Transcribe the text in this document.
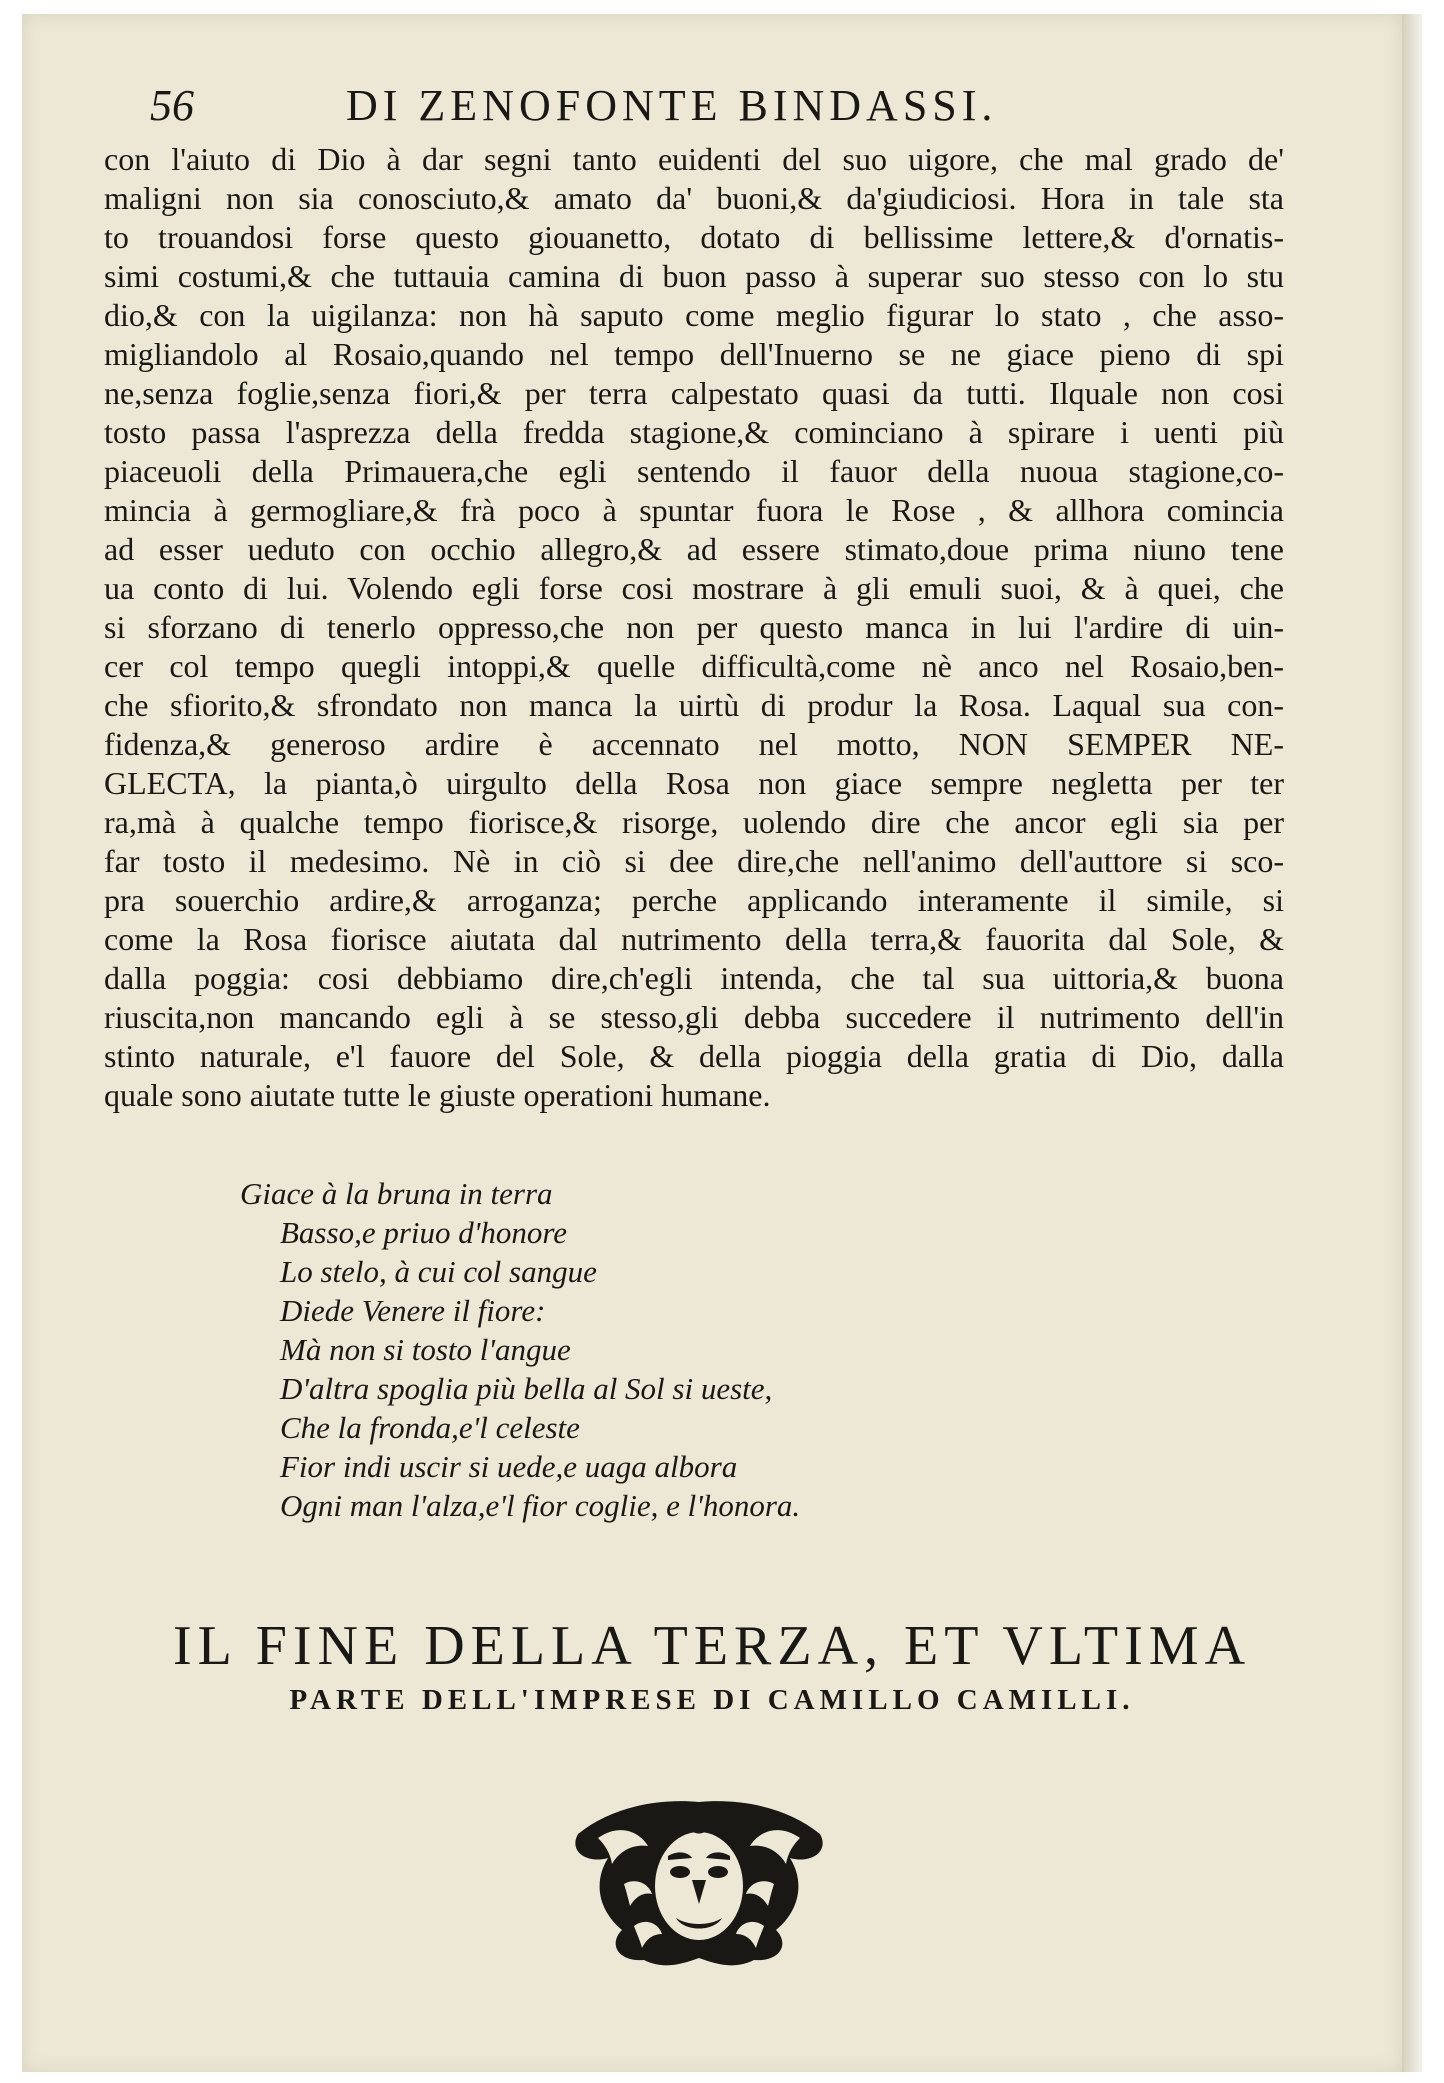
56	DI ZENOFONTE BINDASSI.
con l'aiuto di Dio à dar segni tanto euidenti del suo uigore, che mal grado de'
maligni non sia conosciuto,& amato da' buoni,& da'giudiciosi. Hora in tale sta
to trouandosi forse questo giouanetto, dotato di bellissime lettere,& d'ornatis-
simi costumi,& che tuttauia camina di buon passo à superar suo stesso con lo stu
dio,& con la uigilanza: non hà saputo come meglio figurar lo stato , che asso-
migliandolo al Rosaio,quando nel tempo dell'Inuerno se ne giace pieno di spi
ne,senza foglie,senza fiori,& per terra calpestato quasi da tutti. Ilquale non cosi
tosto passa l'asprezza della fredda stagione,& cominciano à spirare i uenti più
piaceuoli della Primauera,che egli sentendo il fauor della nuoua stagione,co-
mincia à germogliare,& frà poco à spuntar fuora le Rose , & allhora comincia
ad esser ueduto con occhio allegro,& ad essere stimato,doue prima niuno tene
ua conto di lui. Volendo egli forse cosi mostrare à gli emuli suoi, & à quei, che
si sforzano di tenerlo oppresso,che non per questo manca in lui l'ardire di uin-
cer col tempo quegli intoppi,& quelle difficultà,come nè anco nel Rosaio,ben-
che sfiorito,& sfrondato non manca la uirtù di produr la Rosa. Laqual sua con-
fidenza,& generoso ardire è accennato nel motto, NON SEMPER NE-
GLECTA, la pianta,ò uirgulto della Rosa non giace sempre negletta per ter
ra,mà à qualche tempo fiorisce,& risorge, uolendo dire che ancor egli sia per
far tosto il medesimo. Nè in ciò si dee dire,che nell'animo dell'auttore si sco-
pra souerchio ardire,& arroganza; perche applicando interamente il simile, si
come la Rosa fiorisce aiutata dal nutrimento della terra,& fauorita dal Sole, &
dalla poggia: cosi debbiamo dire,ch'egli intenda, che tal sua uittoria,& buona
riuscita,non mancando egli à se stesso,gli debba succedere il nutrimento dell'in
stinto naturale, e'l fauore del Sole, & della pioggia della gratia di Dio, dalla
quale sono aiutate tutte le giuste operationi humane.
Giace à la bruna in terra
Basso,e priuo d'honore
Lo stelo, à cui col sangue
Diede Venere il fiore:
Mà non si tosto l'angue
D'altra spoglia più bella al Sol si ueste,
Che la fronda,e'l celeste
Fior indi uscir si uede,e uaga albora
Ogni man l'alza,e'l fior coglie, e l'honora.
IL FINE DELLA TERZA, ET VLTIMA
PARTE DELL'IMPRESE DI CAMILLO CAMILLI.
